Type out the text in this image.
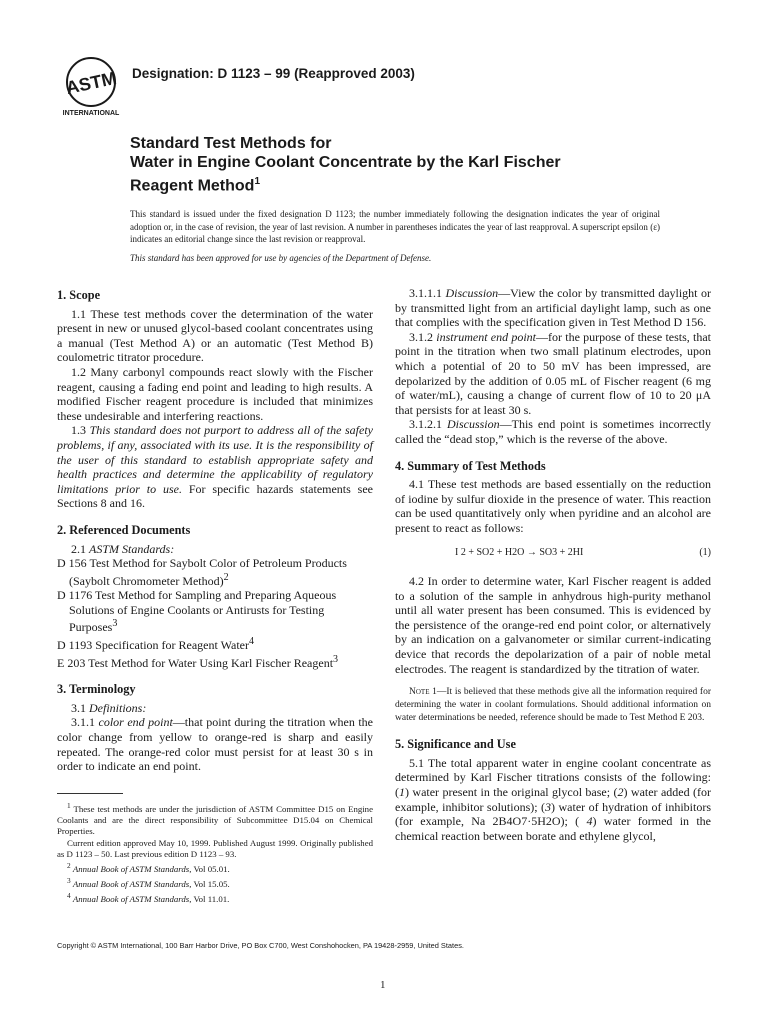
ASTM
INTERNATIONAL
Designation: D 1123 – 99 (Reapproved 2003)
Standard Test Methods for
Water in Engine Coolant Concentrate by the Karl Fischer
Reagent Method$^1$
This standard is issued under the fixed designation D 1123; the number immediately following the designation indicates the year of original adoption or, in the case of revision, the year of last revision. A number in parentheses indicates the year of last reapproval. A superscript epsilon (ε) indicates an editorial change since the last revision or reapproval.
This standard has been approved for use by agencies of the Department of Defense.
1. Scope

1.1 These test methods cover the determination of the water present in new or unused glycol-based coolant concentrates using a manual (Test Method A) or an automatic (Test Method B) coulometric titrator procedure.

1.2 Many carbonyl compounds react slowly with the Fischer reagent, causing a fading end point and leading to high results. A modified Fischer reagent procedure is included that minimizes these undesirable and interfering reactions.

1.3 This standard does not purport to address all of the safety problems, if any, associated with its use. It is the responsibility of the user of this standard to establish appropriate safety and health practices and determine the applicability of regulatory limitations prior to use. For specific hazards statements see Sections 8 and 16.

2. Referenced Documents

2.1 ASTM Standards:

D 156 Test Method for Saybolt Color of Petroleum Products (Saybolt Chromometer Method)$^2$

D 1176 Test Method for Sampling and Preparing Aqueous Solutions of Engine Coolants or Antirusts for Testing Purposes$^3$

D 1193 Specification for Reagent Water$^4$

E 203 Test Method for Water Using Karl Fischer Reagent$^3$

3. Terminology

3.1 Definitions:

3.1.1 color end point—that point during the titration when the color change from yellow to orange-red is sharp and easily repeated. The orange-red color must persist for at least 30 s in order to indicate an end point.

$^1$ These test methods are under the jurisdiction of ASTM Committee D15 on Engine Coolants and are the direct responsibility of Subcommittee D15.04 on Chemical Properties.

Current edition approved May 10, 1999. Published August 1999. Originally published as D 1123 – 50. Last previous edition D 1123 – 93.

$^2$ Annual Book of ASTM Standards, Vol 05.01.

$^3$ Annual Book of ASTM Standards, Vol 15.05.

$^4$ Annual Book of ASTM Standards, Vol 11.01.

3.1.1.1 Discussion—View the color by transmitted daylight or by transmitted light from an artificial daylight lamp, such as one that complies with the specification given in Test Method D 156.

3.1.2 instrument end point—for the purpose of these tests, that point in the titration when two small platinum electrodes, upon which a potential of 20 to 50 mV has been impressed, are depolarized by the addition of 0.05 mL of Fischer reagent (6 mg of water/mL), causing a change of current flow of 10 to 20 μA that persists for at least 30 s.

3.1.2.1 Discussion—This end point is sometimes incorrectly called the “dead stop,” which is the reverse of the above.

4. Summary of Test Methods

4.1 These test methods are based essentially on the reduction of iodine by sulfur dioxide in the presence of water. This reaction can be used quantitatively only when pyridine and an alcohol are present to react as follows:

I 2 + SO2 + H2O → SO3 + 2HI	(1)

4.2 In order to determine water, Karl Fischer reagent is added to a solution of the sample in anhydrous high-purity methanol until all water present has been consumed. This is evidenced by the persistence of the orange-red end point color, or alternatively by an indication on a galvanometer or similar current-indicating device that records the depolarization of a pair of noble metal electrodes. The reagent is standardized by the titration of water.

Note 1—It is believed that these methods give all the information required for determining the water in coolant formulations. Should additional information on water determinations be needed, reference should be made to Test Method E 203.

5. Significance and Use

5.1 The total apparent water in engine coolant concentrate as determined by Karl Fischer titrations consists of the following: (1) water present in the original glycol base; (2) water added (for example, inhibitor solutions); (3) water of hydration of inhibitors (for example, Na 2B4O7·5H2O); ( 4) water formed in the chemical reaction between borate and ethylene glycol,

Copyright © ASTM International, 100 Barr Harbor Drive, PO Box C700, West Conshohocken, PA 19428-2959, United States.
1
